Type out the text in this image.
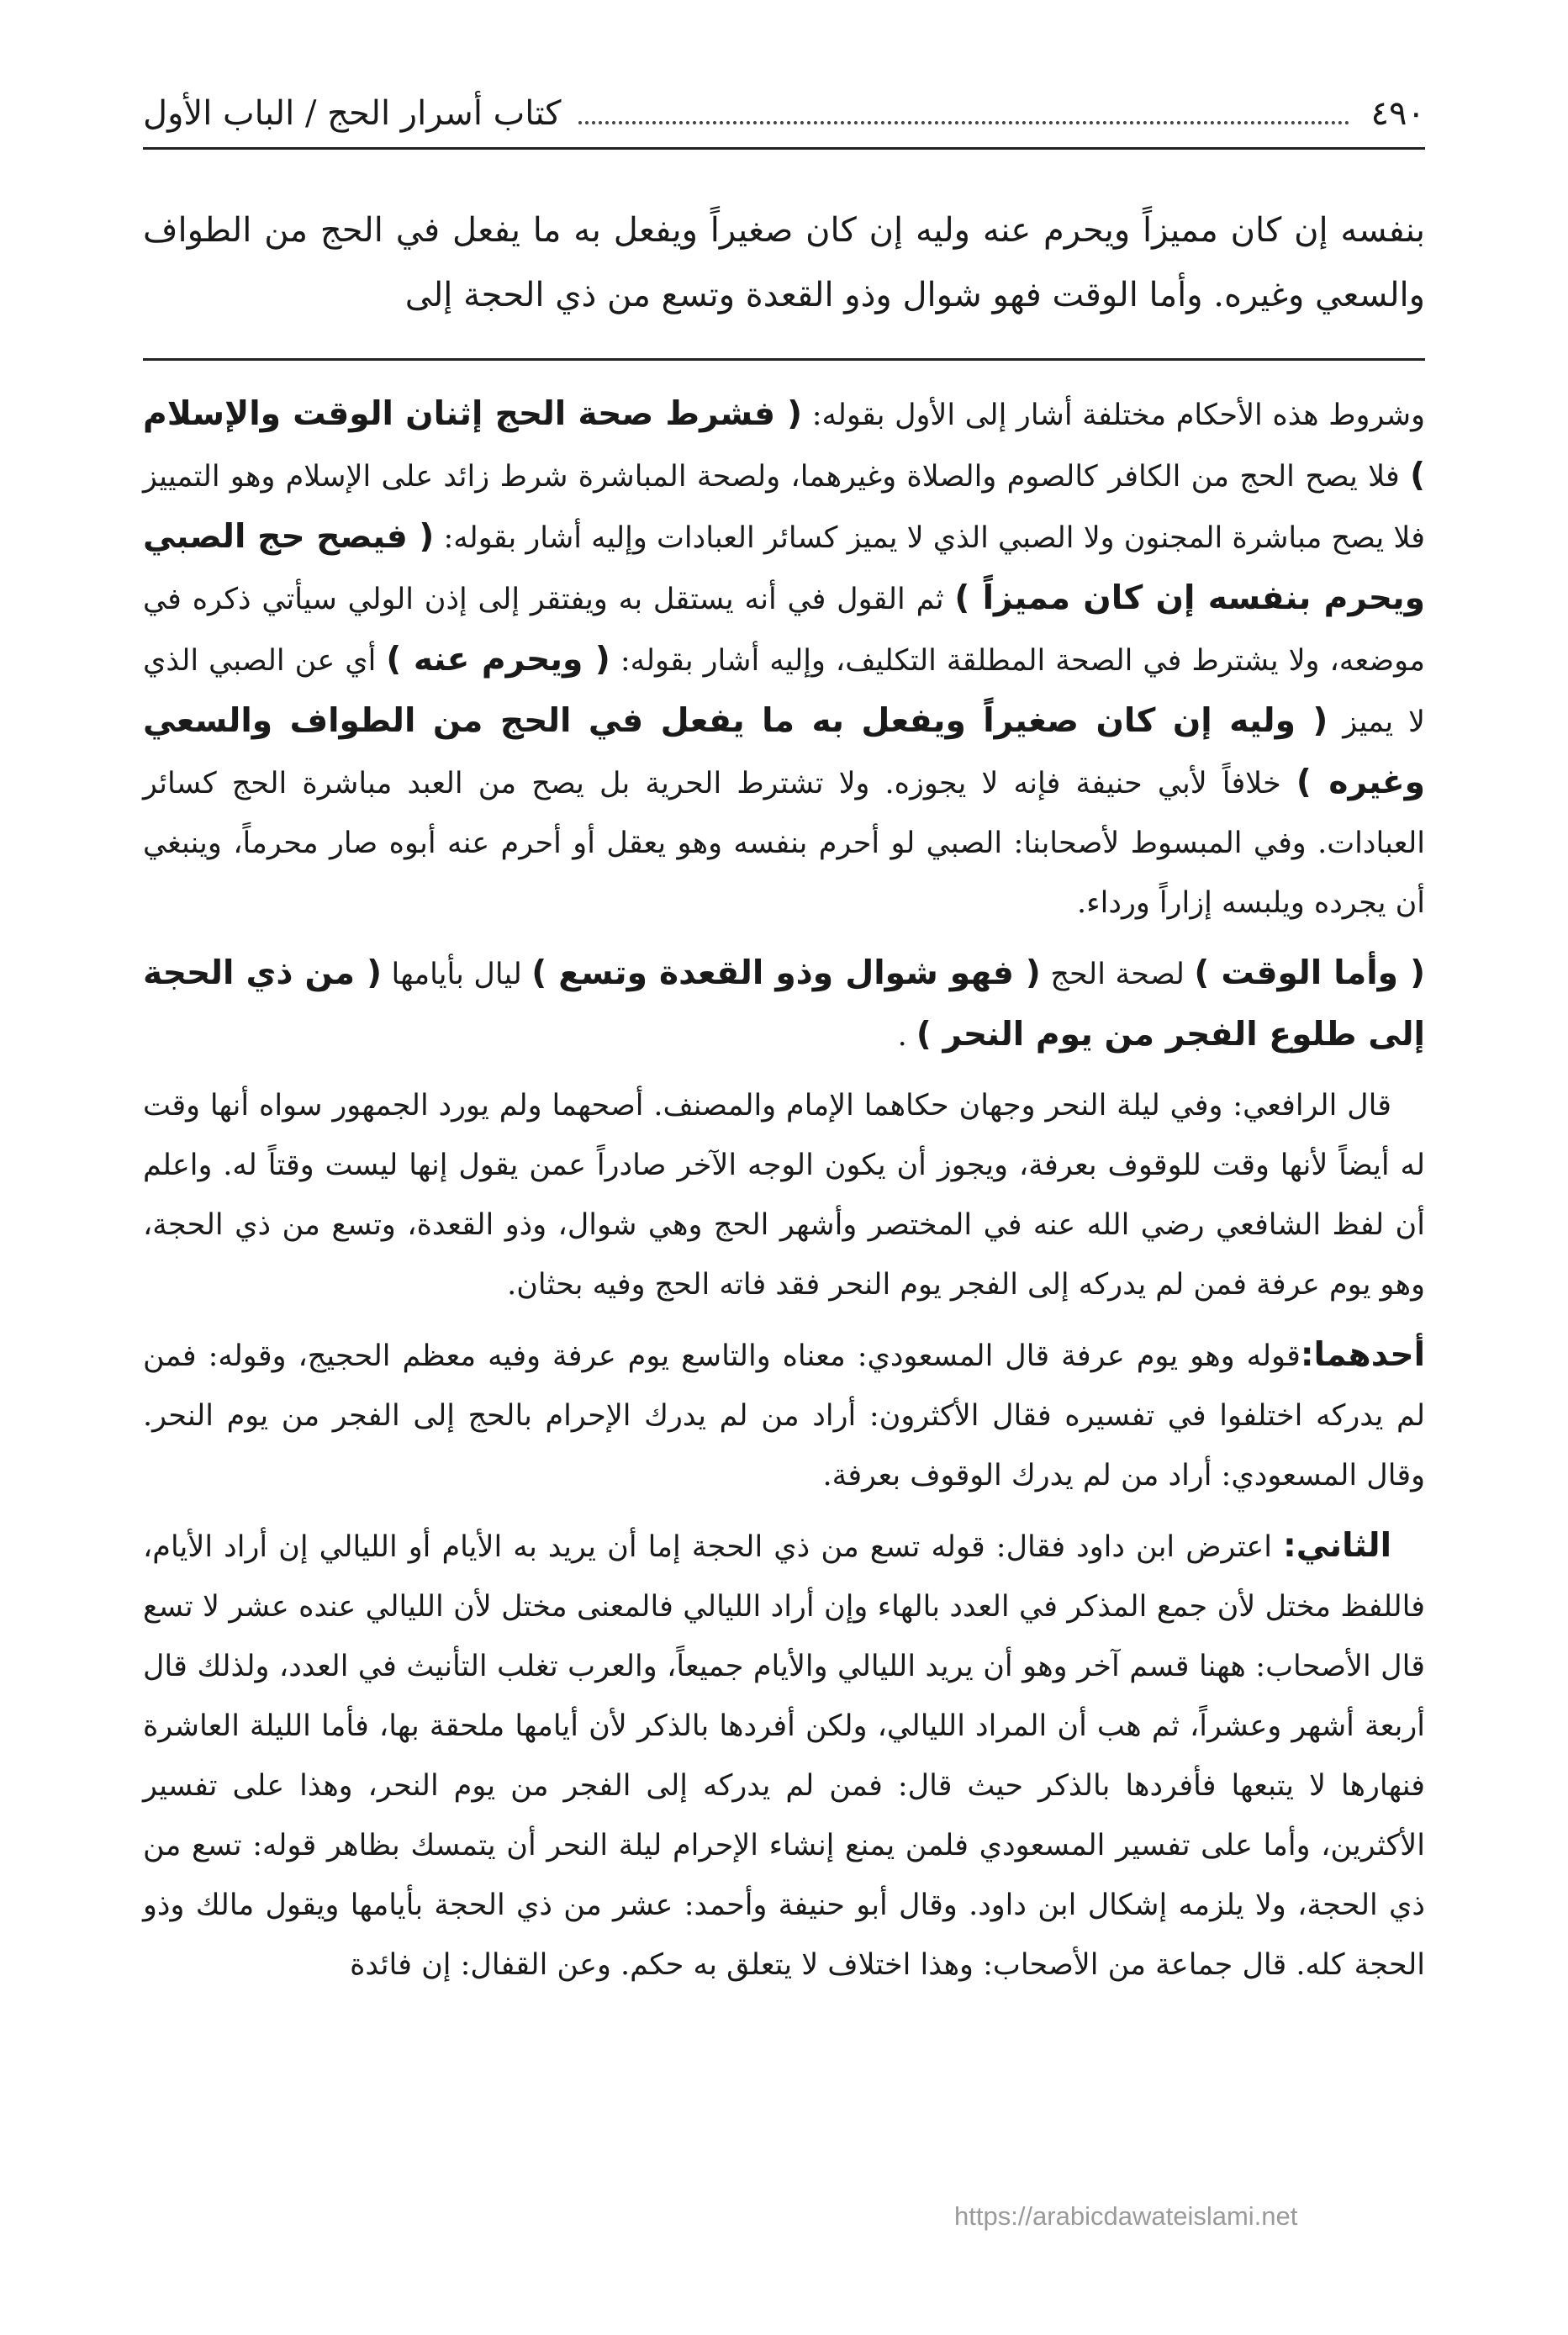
٤٩٠
كتاب أسرار الحج / الباب الأول

بنفسه إن كان مميزاً ويحرم عنه وليه إن كان صغيراً ويفعل به ما يفعل في الحج من الطواف والسعي وغيره. وأما الوقت فهو شوال وذو القعدة وتسع من ذي الحجة إلى

وشروط هذه الأحكام مختلفة أشار إلى الأول بقوله: ( فشرط صحة الحج إثنان الوقت والإسلام ) فلا يصح الحج من الكافر كالصوم والصلاة وغيرهما، ولصحة المباشرة شرط زائد على الإسلام وهو التمييز فلا يصح مباشرة المجنون ولا الصبي الذي لا يميز كسائر العبادات وإليه أشار بقوله: ( فيصح حج الصبي ويحرم بنفسه إن كان مميزاً ) ثم القول في أنه يستقل به ويفتقر إلى إذن الولي سيأتي ذكره في موضعه، ولا يشترط في الصحة المطلقة التكليف، وإليه أشار بقوله: ( ويحرم عنه ) أي عن الصبي الذي لا يميز ( وليه إن كان صغيراً ويفعل به ما يفعل في الحج من الطواف والسعي وغيره ) خلافاً لأبي حنيفة فإنه لا يجوزه. ولا تشترط الحرية بل يصح من العبد مباشرة الحج كسائر العبادات. وفي المبسوط لأصحابنا: الصبي لو أحرم بنفسه وهو يعقل أو أحرم عنه أبوه صار محرماً، وينبغي أن يجرده ويلبسه إزاراً ورداء.

( وأما الوقت ) لصحة الحج ( فهو شوال وذو القعدة وتسع ) ليال بأيامها ( من ذي الحجة إلى طلوع الفجر من يوم النحر ) .

قال الرافعي: وفي ليلة النحر وجهان حكاهما الإمام والمصنف. أصحهما ولم يورد الجمهور سواه أنها وقت له أيضاً لأنها وقت للوقوف بعرفة، ويجوز أن يكون الوجه الآخر صادراً عمن يقول إنها ليست وقتاً له. واعلم أن لفظ الشافعي رضي الله عنه في المختصر وأشهر الحج وهي شوال، وذو القعدة، وتسع من ذي الحجة، وهو يوم عرفة فمن لم يدركه إلى الفجر يوم النحر فقد فاته الحج وفيه بحثان.

أحدهما:قوله وهو يوم عرفة قال المسعودي: معناه والتاسع يوم عرفة وفيه معظم الحجيج، وقوله: فمن لم يدركه اختلفوا في تفسيره فقال الأكثرون: أراد من لم يدرك الإحرام بالحج إلى الفجر من يوم النحر. وقال المسعودي: أراد من لم يدرك الوقوف بعرفة.

الثاني: اعترض ابن داود فقال: قوله تسع من ذي الحجة إما أن يريد به الأيام أو الليالي إن أراد الأيام، فاللفظ مختل لأن جمع المذكر في العدد بالهاء وإن أراد الليالي فالمعنى مختل لأن الليالي عنده عشر لا تسع قال الأصحاب: ههنا قسم آخر وهو أن يريد الليالي والأيام جميعاً، والعرب تغلب التأنيث في العدد، ولذلك قال أربعة أشهر وعشراً، ثم هب أن المراد الليالي، ولكن أفردها بالذكر لأن أيامها ملحقة بها، فأما الليلة العاشرة فنهارها لا يتبعها فأفردها بالذكر حيث قال: فمن لم يدركه إلى الفجر من يوم النحر، وهذا على تفسير الأكثرين، وأما على تفسير المسعودي فلمن يمنع إنشاء الإحرام ليلة النحر أن يتمسك بظاهر قوله: تسع من ذي الحجة، ولا يلزمه إشكال ابن داود. وقال أبو حنيفة وأحمد: عشر من ذي الحجة بأيامها ويقول مالك وذو الحجة كله. قال جماعة من الأصحاب: وهذا اختلاف لا يتعلق به حكم. وعن القفال: إن فائدة

https://arabicdawateislami.net
